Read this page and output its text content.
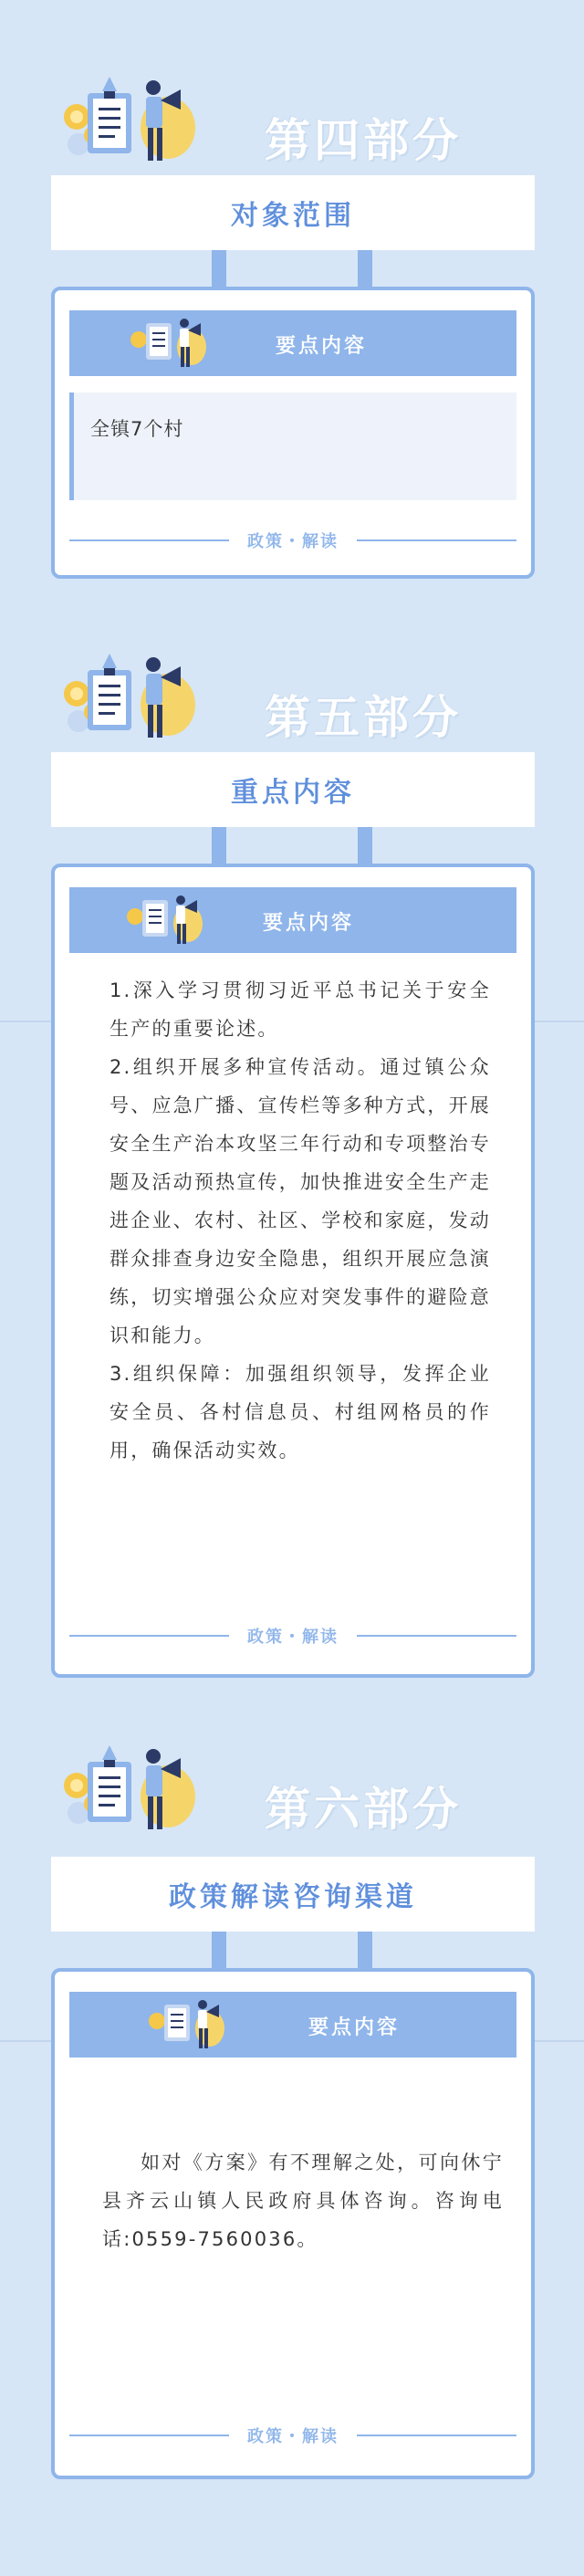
第四部分
对象范围
要点内容
全镇7个村
政策・解读
第五部分
重点内容
要点内容

1.深入学习贯彻习近平总书记关于安全生产的重要论述。

2.组织开展多种宣传活动。通过镇公众号、应急广播、宣传栏等多种方式，开展安全生产治本攻坚三年行动和专项整治专题及活动预热宣传，加快推进安全生产走进企业、农村、社区、学校和家庭，发动群众排查身边安全隐患，组织开展应急演练，切实增强公众应对突发事件的避险意识和能力。

3.组织保障：加强组织领导，发挥企业安全员、各村信息员、村组网格员的作用，确保活动实效。

政策・解读
第六部分
政策解读咨询渠道
要点内容

如对《方案》有不理解之处，可向休宁县齐云山镇人民政府具体咨询。咨询电话:0559-7560036。

政策・解读
